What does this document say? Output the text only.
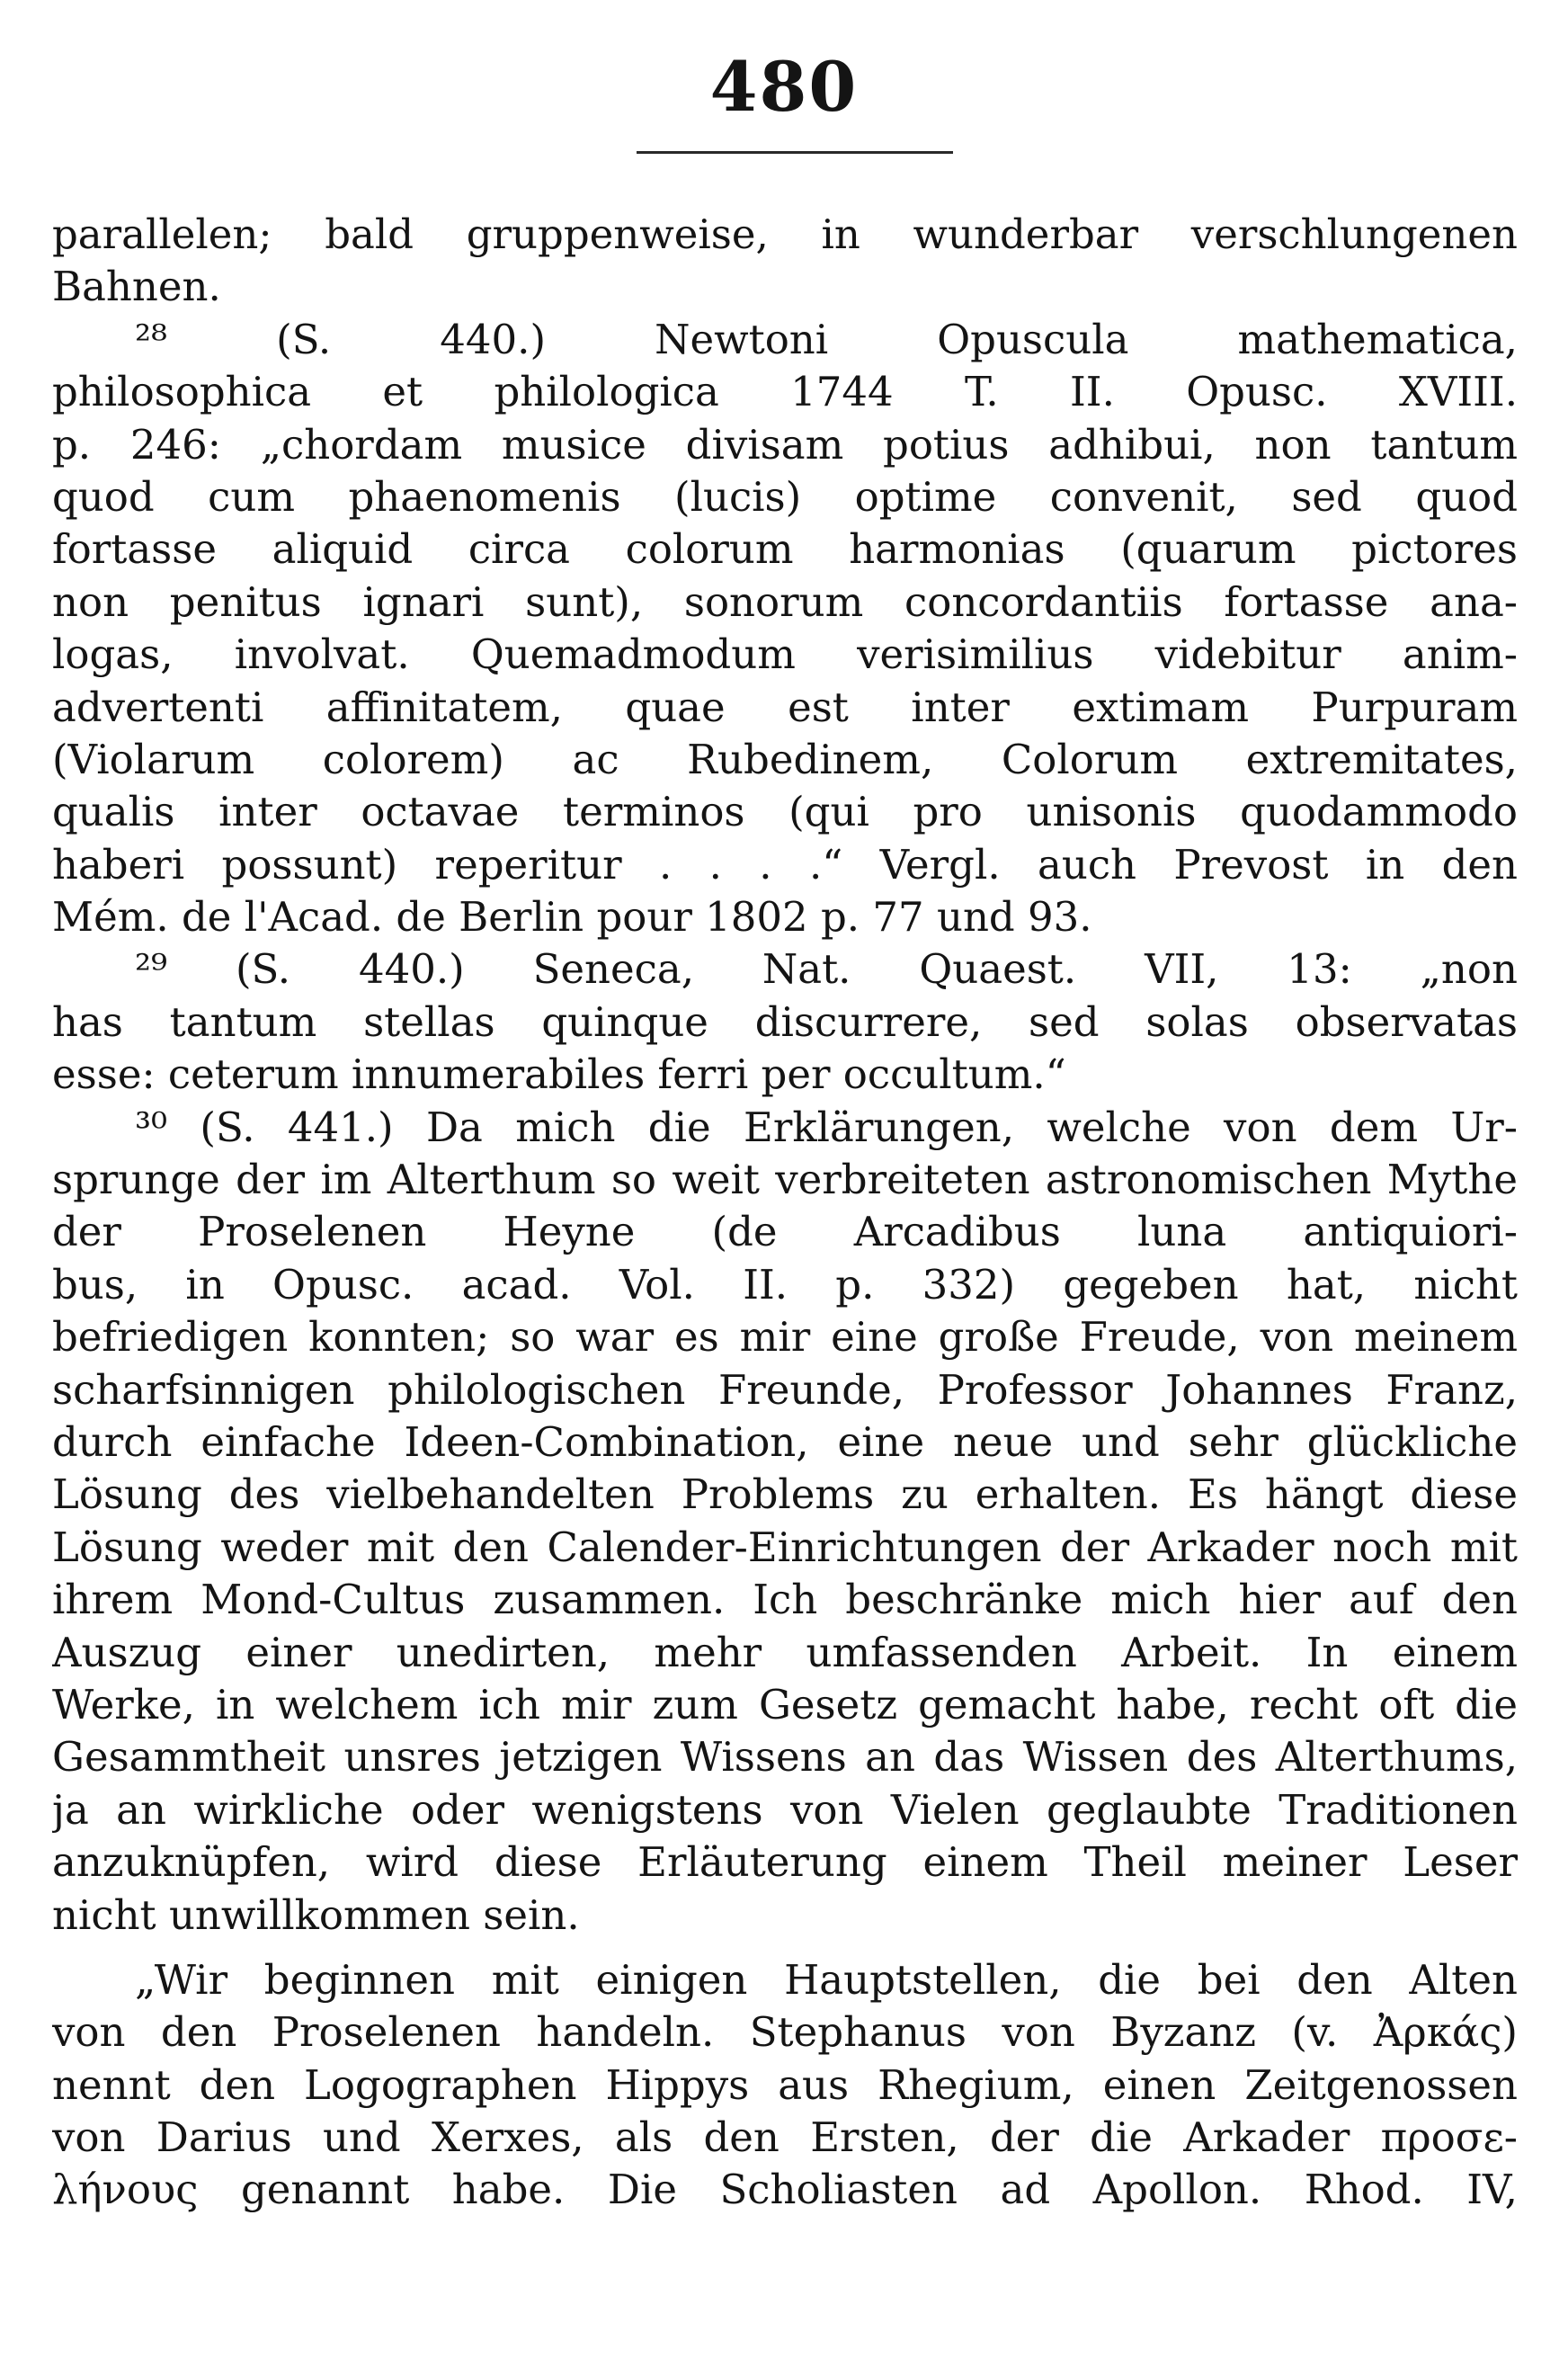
480
parallelen; bald gruppenweise, in wunderbar verschlungenen
Bahnen.
²⁸ (S. 440.) Newtoni Opuscula mathematica,
philosophica et philologica 1744 T. II. Opusc. XVIII.
p. 246: „chordam musice divisam potius adhibui, non tantum
quod cum phaenomenis (lucis) optime convenit, sed quod
fortasse aliquid circa colorum harmonias (quarum pictores
non penitus ignari sunt), sonorum concordantiis fortasse ana-
logas, involvat. Quemadmodum verisimilius videbitur anim-
advertenti affinitatem, quae est inter extimam Purpuram
(Violarum colorem) ac Rubedinem, Colorum extremitates,
qualis inter octavae terminos (qui pro unisonis quodammodo
haberi possunt) reperitur . . . .“ Vergl. auch Prevost in den
Mém. de l'Acad. de Berlin pour 1802 p. 77 und 93.
²⁹ (S. 440.) Seneca, Nat. Quaest. VII, 13: „non
has tantum stellas quinque discurrere, sed solas observatas
esse: ceterum innumerabiles ferri per occultum.“
³⁰ (S. 441.) Da mich die Erklärungen, welche von dem Ur-
sprunge der im Alterthum so weit verbreiteten astronomischen Mythe
der Proselenen Heyne (de Arcadibus luna antiquiori-
bus, in Opusc. acad. Vol. II. p. 332) gegeben hat, nicht
befriedigen konnten; so war es mir eine große Freude, von meinem
scharfsinnigen philologischen Freunde, Professor Johannes Franz,
durch einfache Ideen-Combination, eine neue und sehr glückliche
Lösung des vielbehandelten Problems zu erhalten. Es hängt diese
Lösung weder mit den Calender-Einrichtungen der Arkader noch mit
ihrem Mond-Cultus zusammen. Ich beschränke mich hier auf den
Auszug einer unedirten, mehr umfassenden Arbeit. In einem
Werke, in welchem ich mir zum Gesetz gemacht habe, recht oft die
Gesammtheit unsres jetzigen Wissens an das Wissen des Alterthums,
ja an wirkliche oder wenigstens von Vielen geglaubte Traditionen
anzuknüpfen, wird diese Erläuterung einem Theil meiner Leser
nicht unwillkommen sein.
„Wir beginnen mit einigen Hauptstellen, die bei den Alten
von den Proselenen handeln. Stephanus von Byzanz (v. Ἀρκάς)
nennt den Logographen Hippys aus Rhegium, einen Zeitgenossen
von Darius und Xerxes, als den Ersten, der die Arkader προσε-
λήνους genannt habe. Die Scholiasten ad Apollon. Rhod. IV,
